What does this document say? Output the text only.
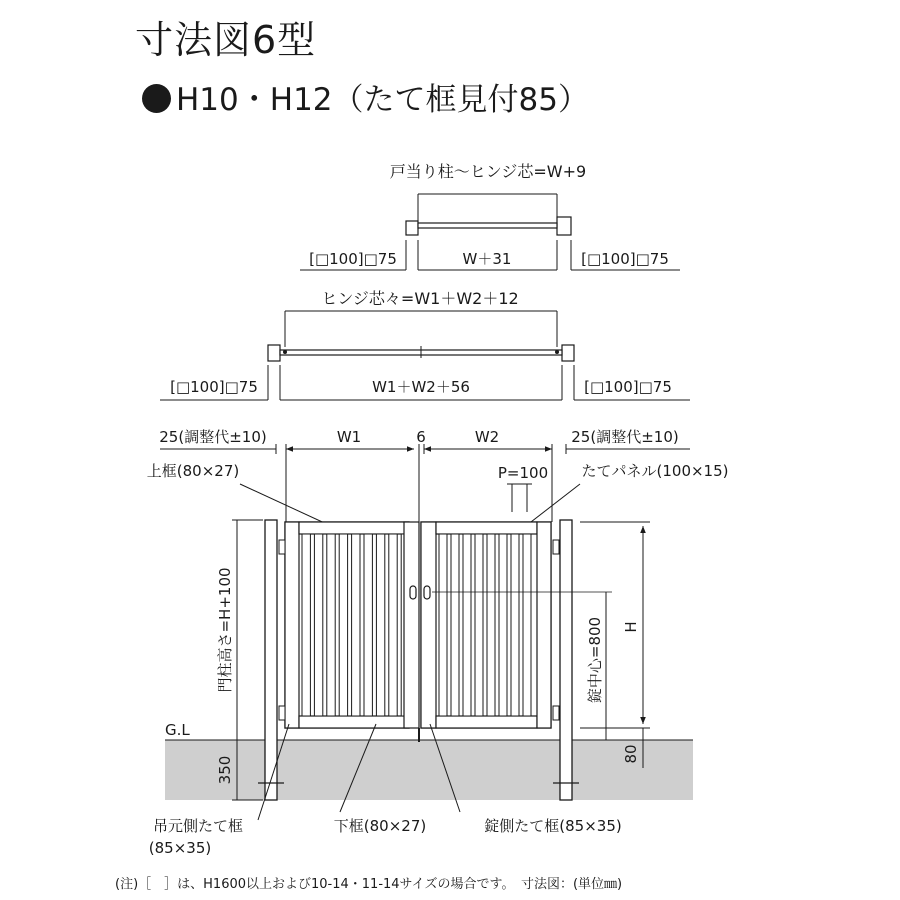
寸法図6型
H10・H12（たて框見付85）
戸当り柱～ヒンジ芯=W+9
[□100]□75	W＋31	[□100]□75
ヒンジ芯々=W1＋W2＋12
[□100]□75	W1＋W2＋56	[□100]□75
G.L
25(調整代±10)	25(調整代±10)
W1	6	W2
上框(80×27)	P=100 たてパネル(100×15)
門柱高さ=H+100
350
H
80
錠中心=800
吊元側たて框
(85×35)
下框(80×27)	錠側たて框(85×35)
(注)［　］は、H1600以上および10-14・11-14サイズの場合です。　寸法図：(単位㎜)
